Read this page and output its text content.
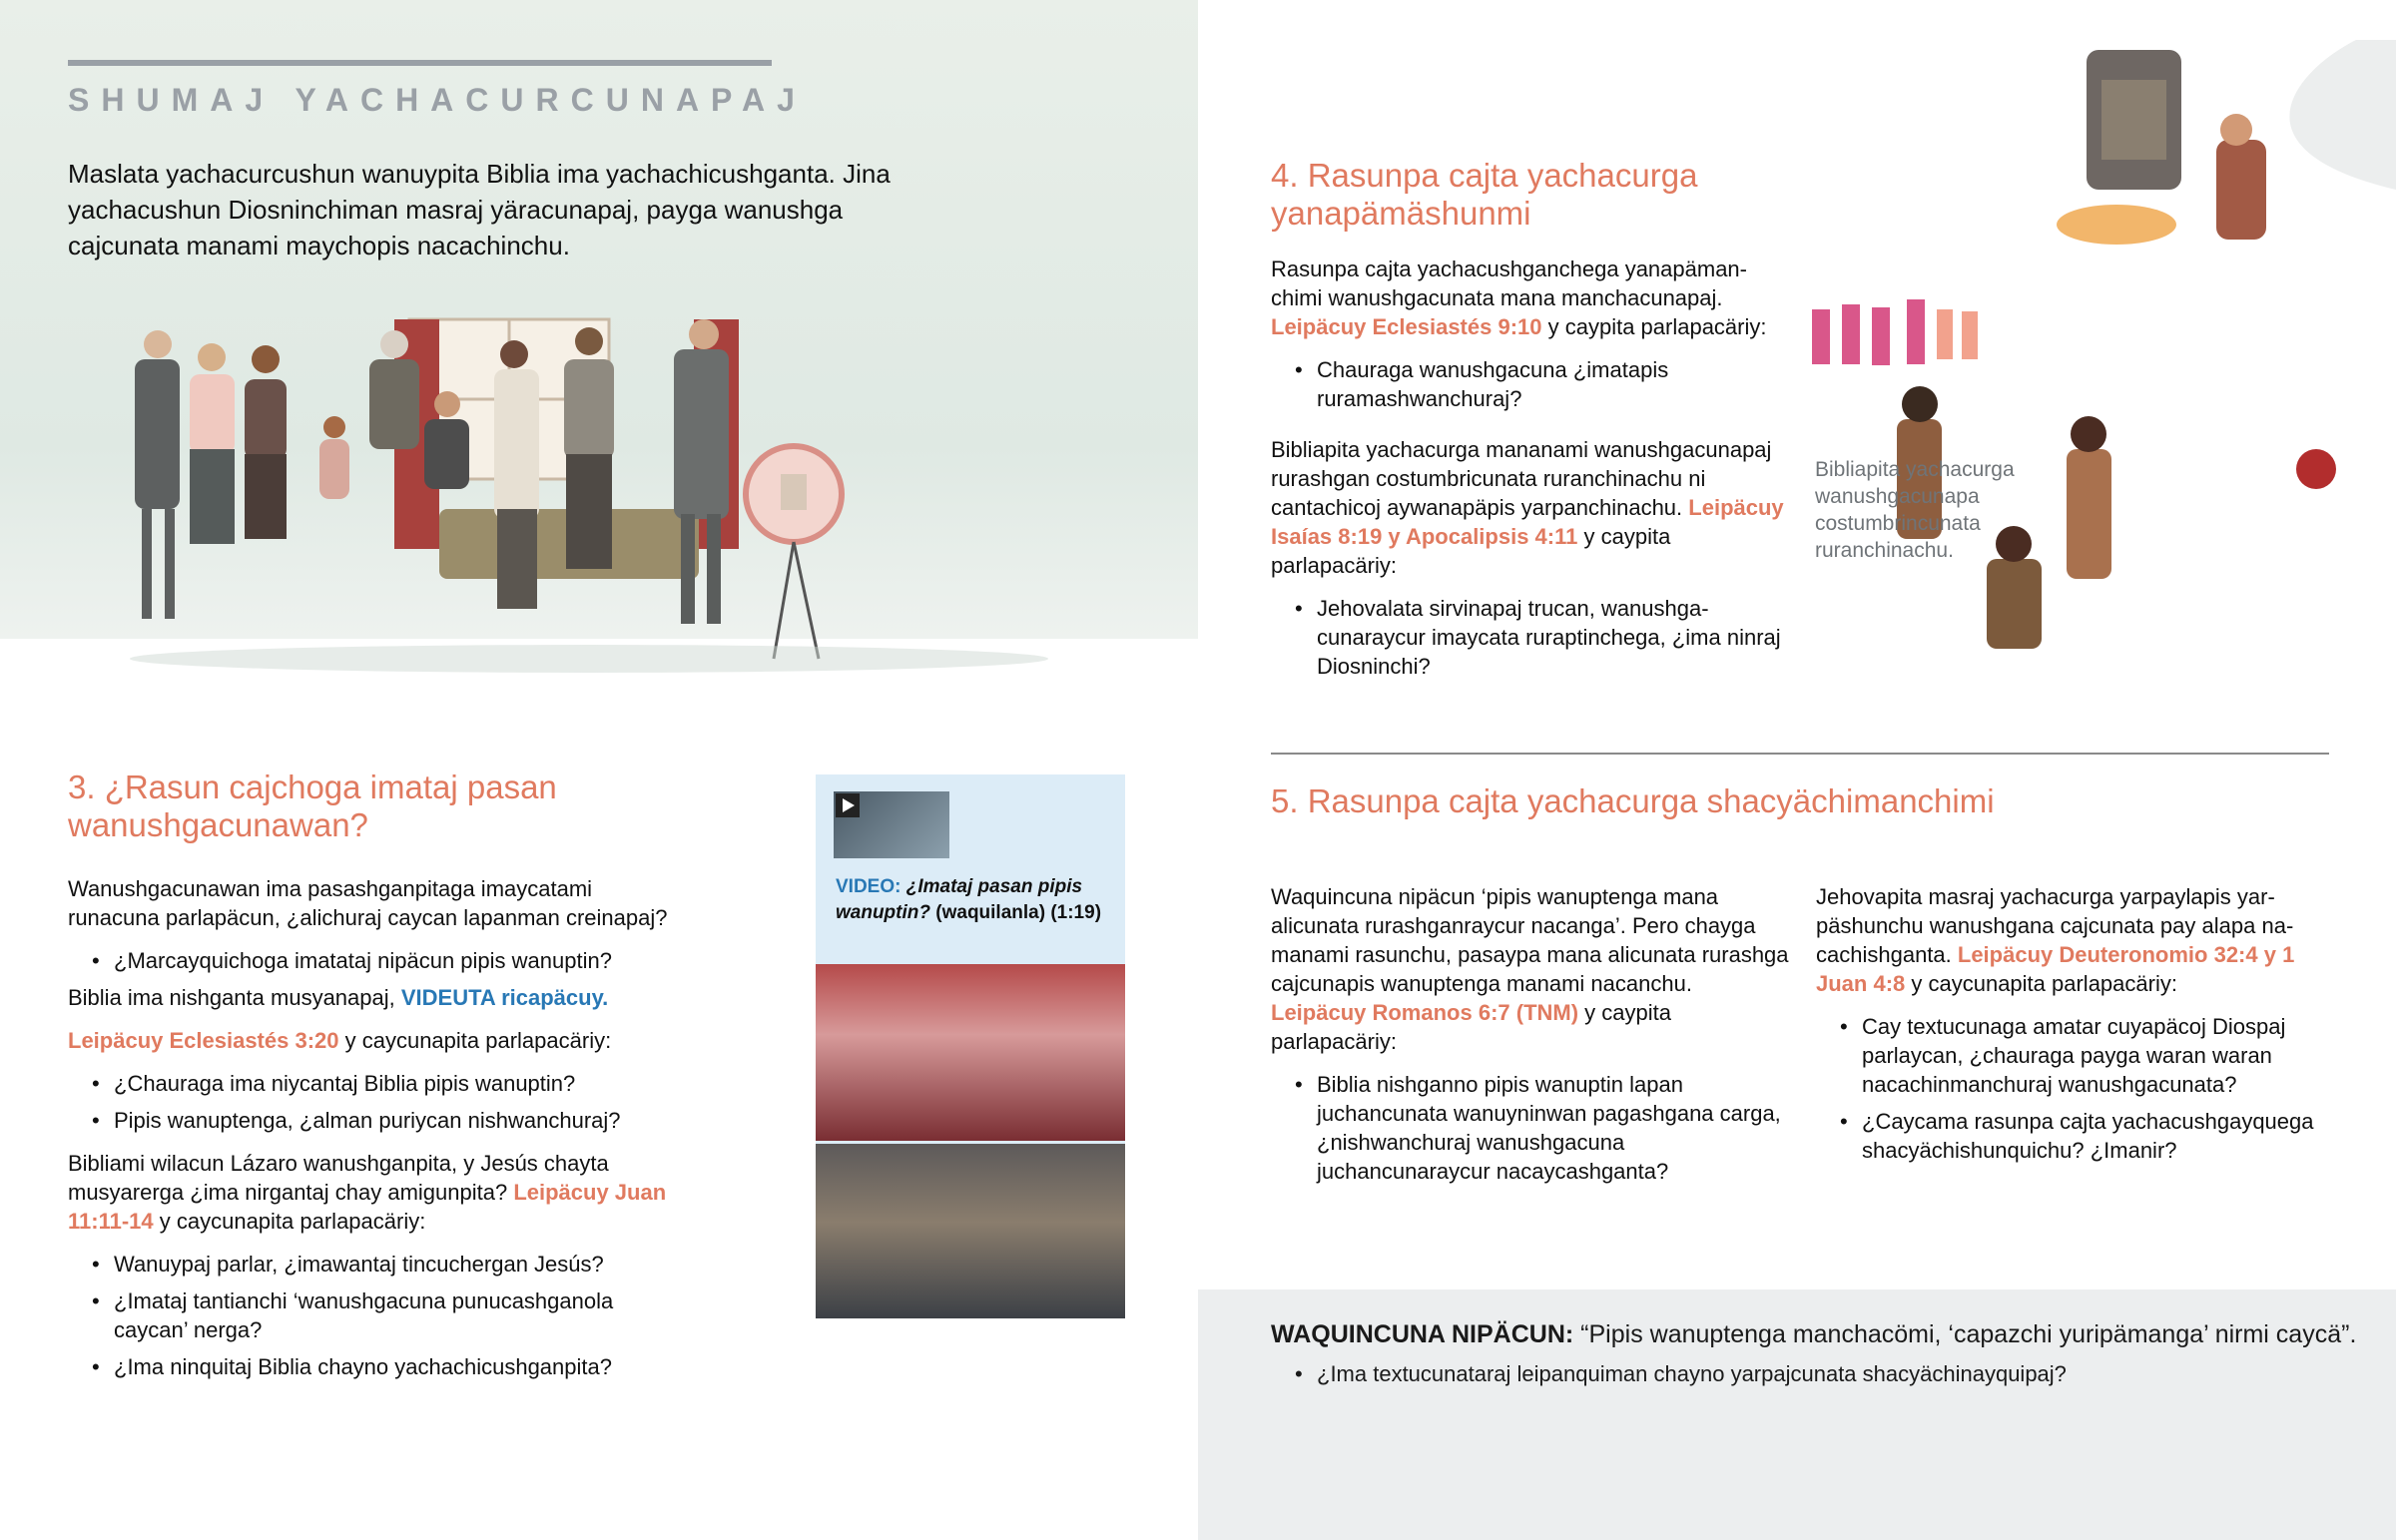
SHUMAJ YACHACURCUNAPAJ

Maslata yachacurcushun wanuypita Biblia ima yachachicushganta. Jina yachacushun Diosninchiman masraj yäracunapaj, payga wanushga cajcunata manami maychopis nacachinchu.

3. ¿Rasun cajchoga imataj pasan wanushgacunawan?

Wanushgacunawan ima pasashganpitaga imaycatami runacuna parlapäcun, ¿alichuraj caycan lapanman creinapaj?

• ¿Marcayquichoga imatataj nipäcun pipis wanuptin?

Biblia ima nishganta musyanapaj, VIDEUTA ricapäcuy.

Leipäcuy Eclesiastés 3:20 y caycunapita parlapacäriy:

• ¿Chauraga ima niycantaj Biblia pipis wanuptin?
• Pipis wanuptenga, ¿alman puriycan nishwanchuraj?

Bibliami wilacun Lázaro wanushganpita, y Jesús chayta musyarerga ¿ima nirgantaj chay amigunpita? Leipäcuy Juan 11:11-14 y caycunapita parlapacäriy:

• Wanuypaj parlar, ¿imawantaj tincuchergan Jesús?
• ¿Imataj tantianchi ‘wanushgacuna punucashganola caycan’ nerga?
• ¿Ima ninquitaj Biblia chayno yachachicushganpita?
VIDEO: ¿Imataj pasan pipis wanuptin? (waquilanla) (1:19)
4. Rasunpa cajta yachacurga yanapämäshunmi

Rasunpa cajta yachacushganchega yanapämanchimi wanushgacunata mana manchacunapaj. Leipäcuy Eclesiastés 9:10 y caypita parlapacäriy:

• Chauraga wanushgacuna ¿imatapis ruramashwanchuraj?

Bibliapita yachacurga mananami wanushgacunapaj rurashgan costumbricunata ruranchinachu ni cantachicoj aywanapäpis yarpanchinachu. Leipäcuy Isaías 8:19 y Apocalipsis 4:11 y caypita parlapacäriy:

• Jehovalata sirvinapaj trucan, wanushgacunaraycur imaycata ruraptinchega, ¿ima ninraj Diosninchi?
Bibliapita yachacurga wanushgacunapa costumbrincunata ruranchinachu.
5. Rasunpa cajta yachacurga shacyächimanchimi

Waquincuna nipäcun ‘pipis wanuptenga mana alicunata rurashganraycur nacanga’. Pero chayga manami rasunchu, pasaypa mana alicunata rurashga cajcunapis wanuptenga manami nacanchu. Leipäcuy Romanos 6:7 (TNM) y caypita parlapacäriy:

• Biblia nishganno pipis wanuptin lapan juchancunata wanuyninwan pagashgana carga, ¿nishwanchuraj wanushgacuna juchancunaraycur nacaycashganta?

Jehovapita masraj yachacurga yarpaylapis yarpäshunchu wanushgana cajcunata pay alapa nacachishganta. Leipäcuy Deuteronomio 32:4 y 1 Juan 4:8 y caycunapita parlapacäriy:

• Cay textucunaga amatar cuyapäcoj Diospaj parlaycan, ¿chauraga payga waran waran nacachinmanchuraj wanushgacunata?
• ¿Caycama rasunpa cajta yachacushgayquega shacyächishunquichu? ¿Imanir?

WAQUINCUNA NIPÄCUN: “Pipis wanuptenga manchacömi, ‘capazchi yuripämanga’ nirmi caycä”.

• ¿Ima textucunataraj leipanquiman chayno yarpajcunata shacyächinayquipaj?
